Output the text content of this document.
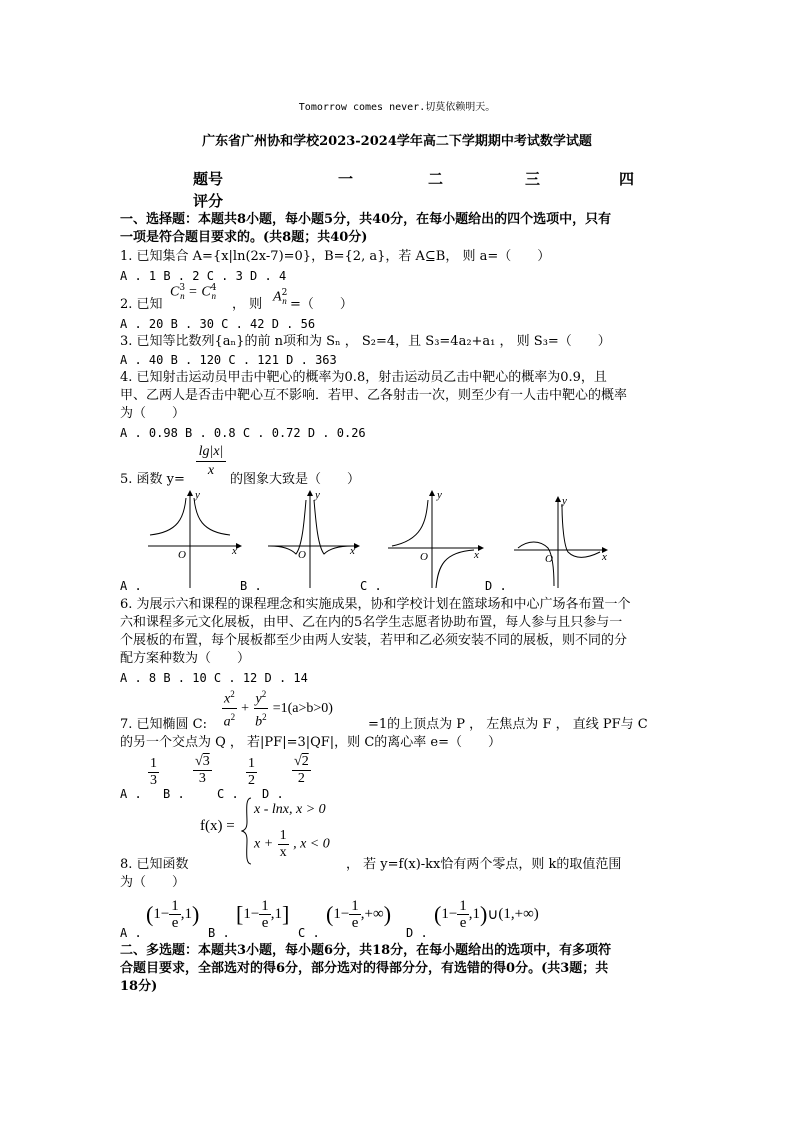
Tomorrow comes never.切莫依赖明天。
广东省广州协和学校2023-2024学年高二下学期期中考试数学试题
题号	一	二	三	四
评分
一、选择题：本题共8小题，每小题5分，共40分，在每小题给出的四个选项中，只有
一项是符合题目要求的。(共8题；共40分)
1. 已知集合 A={x|ln(2x-7)=0}，B={2, a}，若 A⊆B， 则 a=（　　）
A . 1 B . 2 C . 3 D . 4
2. 已知
$C^3_n = C^4_n$
， 则 $A^2_n$ =（　　）
A . 20 B . 30 C . 42 D . 56
3. 已知等比数列{aₙ}的前 n项和为 Sₙ ， S₂=4，且 S₃=4a₂+a₁ ， 则 S₃=（　　）
A . 40 B . 120 C . 121 D . 363
4. 已知射击运动员甲击中靶心的概率为0.8，射击运动员乙击中靶心的概率为0.9，且
甲、乙两人是否击中靶心互不影响．若甲、乙各射击一次，则至少有一人击中靶心的概率
为（　　）
A . 0.98 B . 0.8 C . 0.72 D . 0.26
5. 函数 $y= \frac{\lg|x|}{x}$ 的图象大致是（　　）
y
x
O
y
x
O
y
x
O
y
x
O
A .	B .	C .	D .
6. 为展示六和课程的课程理念和实施成果，协和学校计划在篮球场和中心广场各布置一个
六和课程多元文化展板，由甲、乙在内的5名学生志愿者协助布置，每人参与且只参与一
个展板的布置，每个展板都至少由两人安装，若甲和乙必须安装不同的展板，则不同的分
配方案种数为（　　）
A . 8 B . 10 C . 12 D . 14
$\frac{x^2}{a^2} + \frac{y^2}{b^2} =1(a>b>0)$
7. 已知椭圆 C:	=1的上顶点为 P ， 左焦点为 F ， 直线 PF与 C
的另一个交点为 Q ， 若|PF|=3|QF|，则 C的离心率 e=（　　）
A .
$\frac{1}{3}$
B .
$\frac{√3}{3}$
C .
$\frac{1}{2}$
D .
$\frac{√2}{2}$
f(x) =
x - lnx, x > 0
$x + \frac{1}{x}$ , x < 0
8. 已知函数	， 若 y=f(x)-kx恰有两个零点，则 k的取值范围
为（　　）
A .
$(1- \frac{1}{e} ,1)$
B .
$[1- \frac{1}{e} ,1]$
C .
($1- \frac{1}{e}$ ,+∞)
D .
($1- \frac{1}{e}$ ,1)∪(1,+∞)
二、多选题：本题共3小题，每小题6分，共18分，在每小题给出的选项中，有多项符
合题目要求，全部选对的得6分，部分选对的得部分分，有选错的得0分。(共3题；共
18分)
